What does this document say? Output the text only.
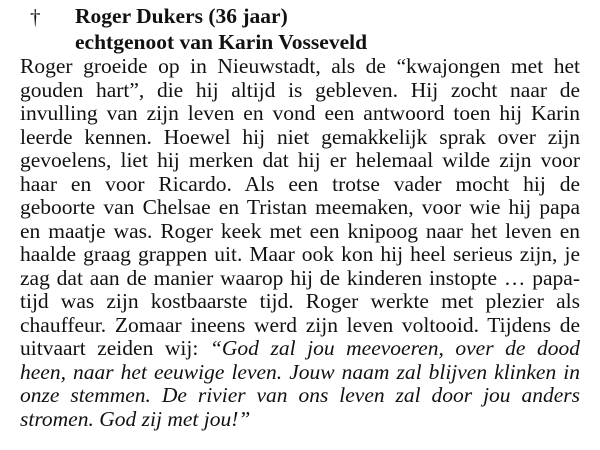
† Roger Dukers (36 jaar)
echtgenoot van Karin Vosseveld
Roger groeide op in Nieuwstadt, als de “kwajongen met het
gouden hart”, die hij altijd is gebleven. Hij zocht naar de
invulling van zijn leven en vond een antwoord toen hij Karin
leerde kennen. Hoewel hij niet gemakkelijk sprak over zijn
gevoelens, liet hij merken dat hij er helemaal wilde zijn voor
haar en voor Ricardo. Als een trotse vader mocht hij de
geboorte van Chelsae en Tristan meemaken, voor wie hij papa
en maatje was. Roger keek met een knipoog naar het leven en
haalde graag grappen uit. Maar ook kon hij heel serieus zijn, je
zag dat aan de manier waarop hij de kinderen instopte … papa-
tijd was zijn kostbaarste tijd. Roger werkte met plezier als
chauffeur. Zomaar ineens werd zijn leven voltooid. Tijdens de
uitvaart zeiden wij: “God zal jou meevoeren, over de dood
heen, naar het eeuwige leven. Jouw naam zal blijven klinken in
onze stemmen. De rivier van ons leven zal door jou anders
stromen. God zij met jou!”
